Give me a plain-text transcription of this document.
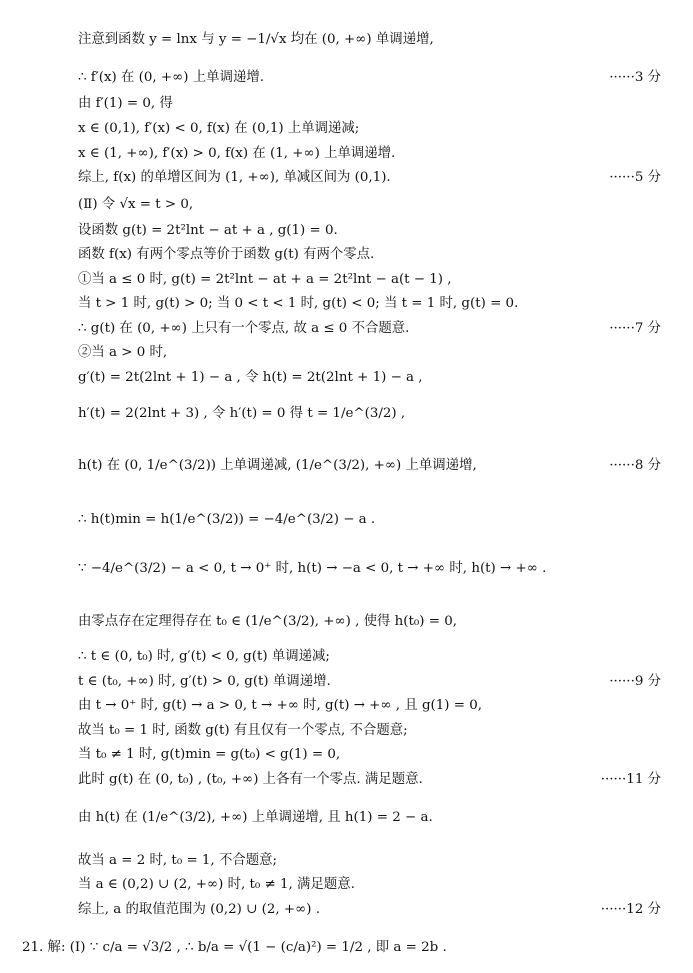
注意到函数 y = lnx 与 y = −1/√x 均在 (0, +∞) 单调递增,
∴ f′(x) 在 (0, +∞) 上单调递增.	······3 分
由 f′(1) = 0, 得
x ∈ (0,1), f′(x) < 0, f(x) 在 (0,1) 上单调递减;
x ∈ (1, +∞), f′(x) > 0, f(x) 在 (1, +∞) 上单调递增.
综上, f(x) 的单增区间为 (1, +∞), 单减区间为 (0,1).	······5 分
(Ⅱ) 令 √x = t > 0,
设函数 g(t) = 2t²lnt − at + a , g(1) = 0.
函数 f(x) 有两个零点等价于函数 g(t) 有两个零点.
①当 a ≤ 0 时, g(t) = 2t²lnt − at + a = 2t²lnt − a(t − 1) ,
当 t > 1 时, g(t) > 0; 当 0 < t < 1 时, g(t) < 0; 当 t = 1 时, g(t) = 0.
∴ g(t) 在 (0, +∞) 上只有一个零点, 故 a ≤ 0 不合题意.	······7 分
②当 a > 0 时,
g′(t) = 2t(2lnt + 1) − a , 令 h(t) = 2t(2lnt + 1) − a ,
h′(t) = 2(2lnt + 3) , 令 h′(t) = 0 得 t = 1/e^(3/2) ,
h(t) 在 (0, 1/e^(3/2)) 上单调递减, (1/e^(3/2), +∞) 上单调递增,	······8 分
∴ h(t)min = h(1/e^(3/2)) = −4/e^(3/2) − a .
∵ −4/e^(3/2) − a < 0, t → 0⁺ 时, h(t) → −a < 0, t → +∞ 时, h(t) → +∞ .
由零点存在定理得存在 t₀ ∈ (1/e^(3/2), +∞) , 使得 h(t₀) = 0,
∴ t ∈ (0, t₀) 时, g′(t) < 0, g(t) 单调递减;
t ∈ (t₀, +∞) 时, g′(t) > 0, g(t) 单调递增.	······9 分
由 t → 0⁺ 时, g(t) → a > 0, t → +∞ 时, g(t) → +∞ , 且 g(1) = 0,
故当 t₀ = 1 时, 函数 g(t) 有且仅有一个零点, 不合题意;
当 t₀ ≠ 1 时, g(t)min = g(t₀) < g(1) = 0,
此时 g(t) 在 (0, t₀) , (t₀, +∞) 上各有一个零点. 满足题意.	······11 分
由 h(t) 在 (1/e^(3/2), +∞) 上单调递增, 且 h(1) = 2 − a.
故当 a = 2 时, t₀ = 1, 不合题意;
当 a ∈ (0,2) ∪ (2, +∞) 时, t₀ ≠ 1, 满足题意.
综上, a 的取值范围为 (0,2) ∪ (2, +∞) .	······12 分
21. 解: (Ⅰ) ∵ c/a = √3/2 , ∴ b/a = √(1 − (c/a)²) = 1/2 , 即 a = 2b .
